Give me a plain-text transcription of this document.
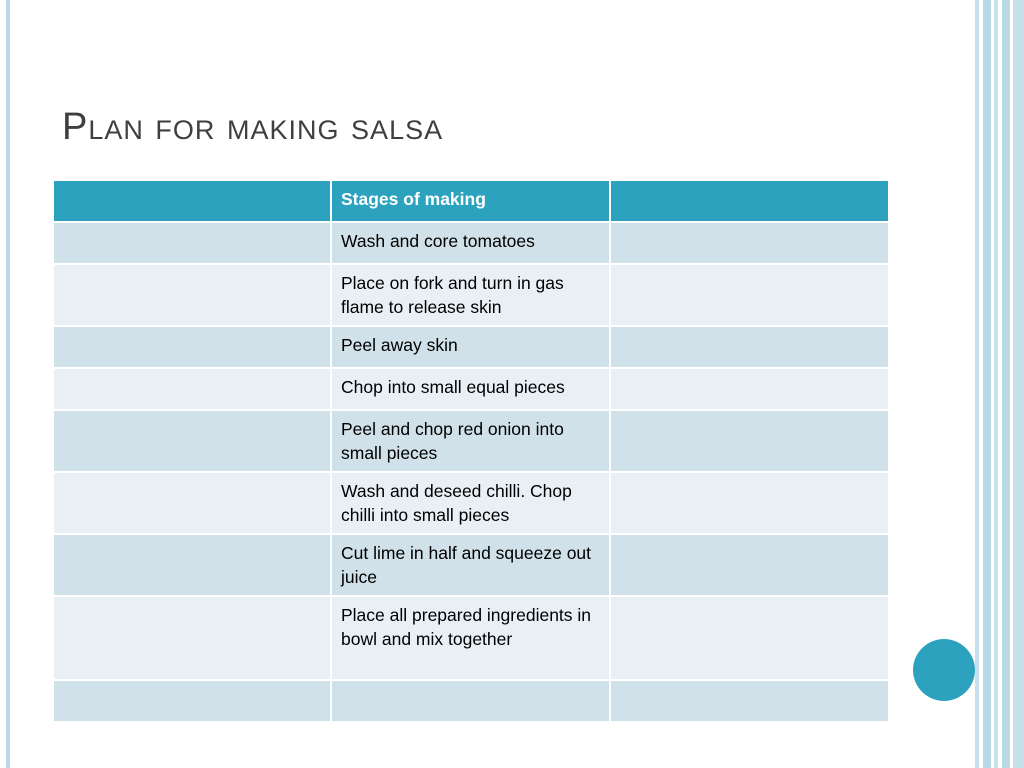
Plan for making salsa
	Stages of making	
	Wash and core tomatoes	
	Place on fork and turn in gas flame to release skin	
	Peel away skin	
	Chop into small equal pieces	
	Peel and chop red onion into small pieces	
	Wash and deseed chilli. Chop chilli into small pieces	
	Cut lime in half and squeeze out juice	
	Place all prepared ingredients in bowl and mix together	
